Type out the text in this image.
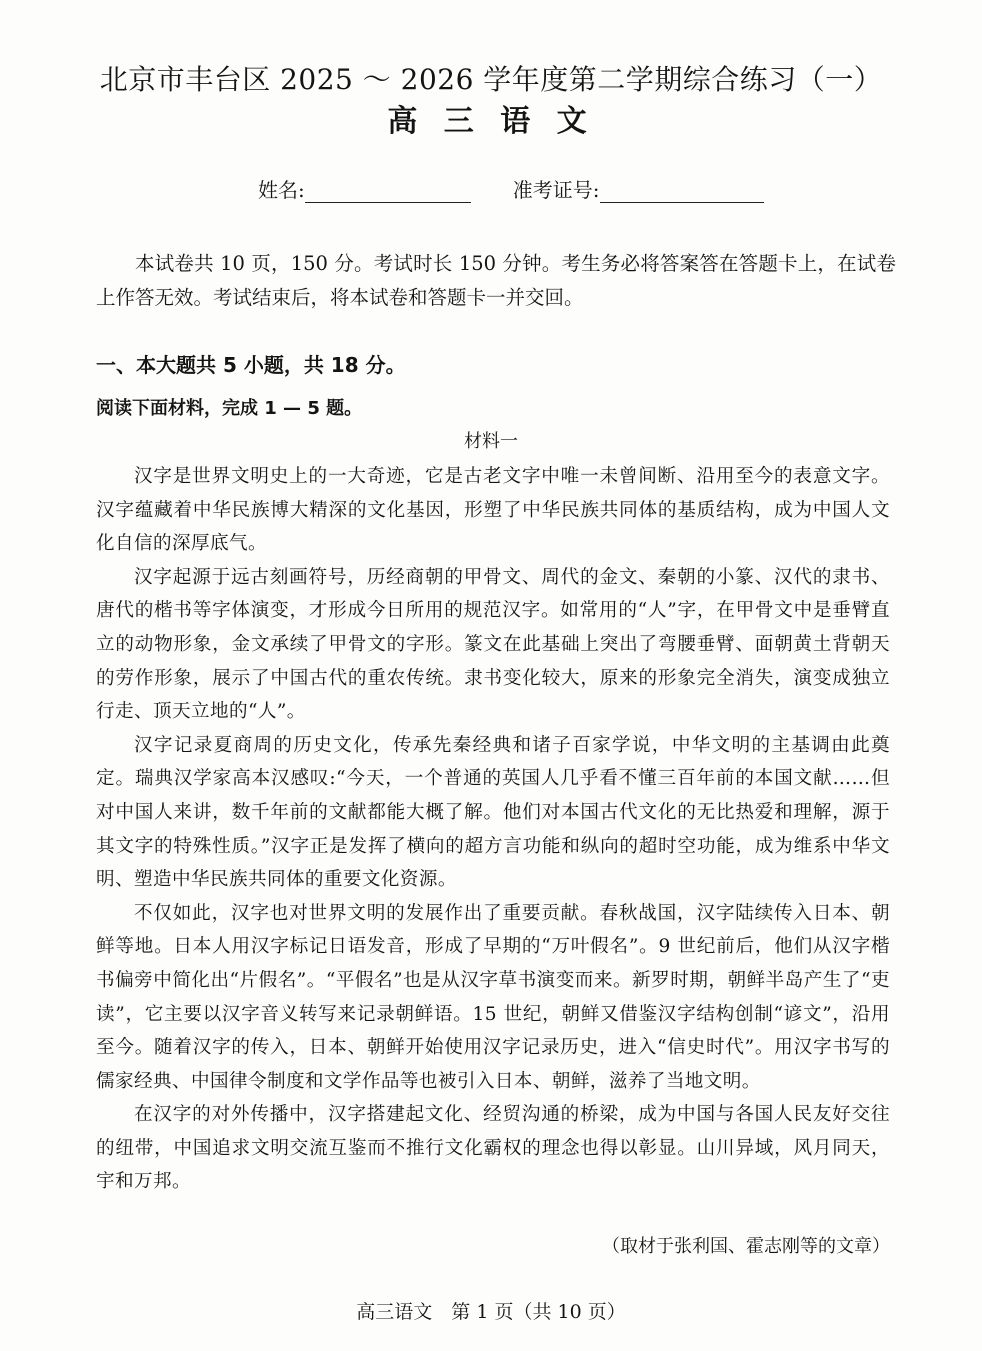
北京市丰台区 2025 ～ 2026 学年度第二学期综合练习（一）
高 三 语 文
姓名:	准考证号:

本试卷共 10 页，150 分。考试时长 150 分钟。考生务必将答案答在答题卡上，在试卷上作答无效。考试结束后，将本试卷和答题卡一并交回。

一、本大题共 5 小题，共 18 分。
阅读下面材料，完成 1 — 5 题。
材料一

汉字是世界文明史上的一大奇迹，它是古老文字中唯一未曾间断、沿用至今的表意文字。汉字蕴藏着中华民族博大精深的文化基因，形塑了中华民族共同体的基质结构，成为中国人文化自信的深厚底气。

汉字起源于远古刻画符号，历经商朝的甲骨文、周代的金文、秦朝的小篆、汉代的隶书、唐代的楷书等字体演变，才形成今日所用的规范汉字。如常用的“人”字，在甲骨文中是垂臂直立的动物形象，金文承续了甲骨文的字形。篆文在此基础上突出了弯腰垂臂、面朝黄土背朝天的劳作形象，展示了中国古代的重农传统。隶书变化较大，原来的形象完全消失，演变成独立行走、顶天立地的“人”。

汉字记录夏商周的历史文化，传承先秦经典和诸子百家学说，中华文明的主基调由此奠定。瑞典汉学家高本汉感叹:“今天，一个普通的英国人几乎看不懂三百年前的本国文献……但对中国人来讲，数千年前的文献都能大概了解。他们对本国古代文化的无比热爱和理解，源于其文字的特殊性质。”汉字正是发挥了横向的超方言功能和纵向的超时空功能，成为维系中华文明、塑造中华民族共同体的重要文化资源。

不仅如此，汉字也对世界文明的发展作出了重要贡献。春秋战国，汉字陆续传入日本、朝鲜等地。日本人用汉字标记日语发音，形成了早期的“万叶假名”。9 世纪前后，他们从汉字楷书偏旁中简化出“片假名”。“平假名”也是从汉字草书演变而来。新罗时期，朝鲜半岛产生了“吏读”，它主要以汉字音义转写来记录朝鲜语。15 世纪，朝鲜又借鉴汉字结构创制“谚文”，沿用至今。随着汉字的传入，日本、朝鲜开始使用汉字记录历史，进入“信史时代”。用汉字书写的儒家经典、中国律令制度和文学作品等也被引入日本、朝鲜，滋养了当地文明。

在汉字的对外传播中，汉字搭建起文化、经贸沟通的桥梁，成为中国与各国人民友好交往的纽带，中国追求文明交流互鉴而不推行文化霸权的理念也得以彰显。山川异域，风月同天，宇和万邦。

（取材于张利国、霍志刚等的文章）
高三语文　第 1 页（共 10 页）
